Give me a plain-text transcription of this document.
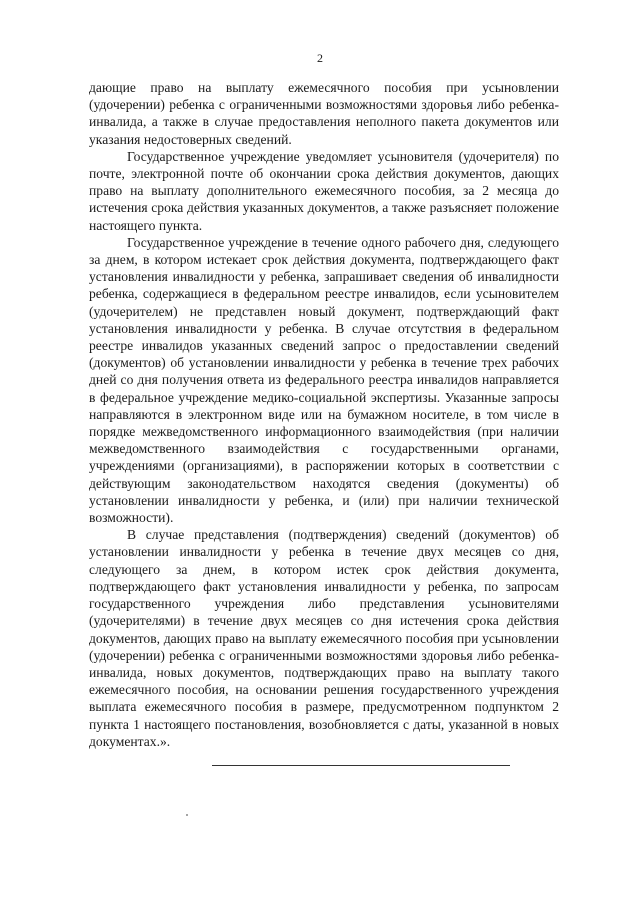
2

дающие право на выплату ежемесячного пособия при усыновлении (удочерении) ребенка с ограниченными возможностями здоровья либо ребенка-инвалида, а также в случае предоставления неполного пакета документов или указания недостоверных сведений.

Государственное учреждение уведомляет усыновителя (удочерителя) по почте, электронной почте об окончании срока действия документов, дающих право на выплату дополнительного ежемесячного пособия, за 2 месяца до истечения срока действия указанных документов, а также разъясняет положение настоящего пункта.

Государственное учреждение в течение одного рабочего дня, следующего за днем, в котором истекает срок действия документа, подтверждающего факт установления инвалидности у ребенка, запрашивает сведения об инвалидности ребенка, содержащиеся в федеральном реестре инвалидов, если усыновителем (удочерителем) не представлен новый документ, подтверждающий факт установления инвалидности у ребенка. В случае отсутствия в федеральном реестре инвалидов указанных сведений запрос о предоставлении сведений (документов) об установлении инвалидности у ребенка в течение трех рабочих дней со дня получения ответа из федерального реестра инвалидов направляется в федеральное учреждение медико-социальной экспертизы. Указанные запросы направляются в электронном виде или на бумажном носителе, в том числе в порядке межведомственного информационного взаимодействия (при наличии межведомственного взаимодействия с государственными органами, учреждениями (организациями), в распоряжении которых в соответствии с действующим законодательством находятся сведения (документы) об установлении инвалидности у ребенка, и (или) при наличии технической возможности).

В случае представления (подтверждения) сведений (документов) об установлении инвалидности у ребенка в течение двух месяцев со дня, следующего за днем, в котором истек срок действия документа, подтверждающего факт установления инвалидности у ребенка, по запросам государственного учреждения либо представления усыновителями (удочерителями) в течение двух месяцев со дня истечения срока действия документов, дающих право на выплату ежемесячного пособия при усыновлении (удочерении) ребенка с ограниченными возможностями здоровья либо ребенка-инвалида, новых документов, подтверждающих право на выплату такого ежемесячного пособия, на основании решения государственного учреждения выплата ежемесячного пособия в размере, предусмотренном подпунктом 2 пункта 1 настоящего постановления, возобновляется с даты, указанной в новых документах.».
